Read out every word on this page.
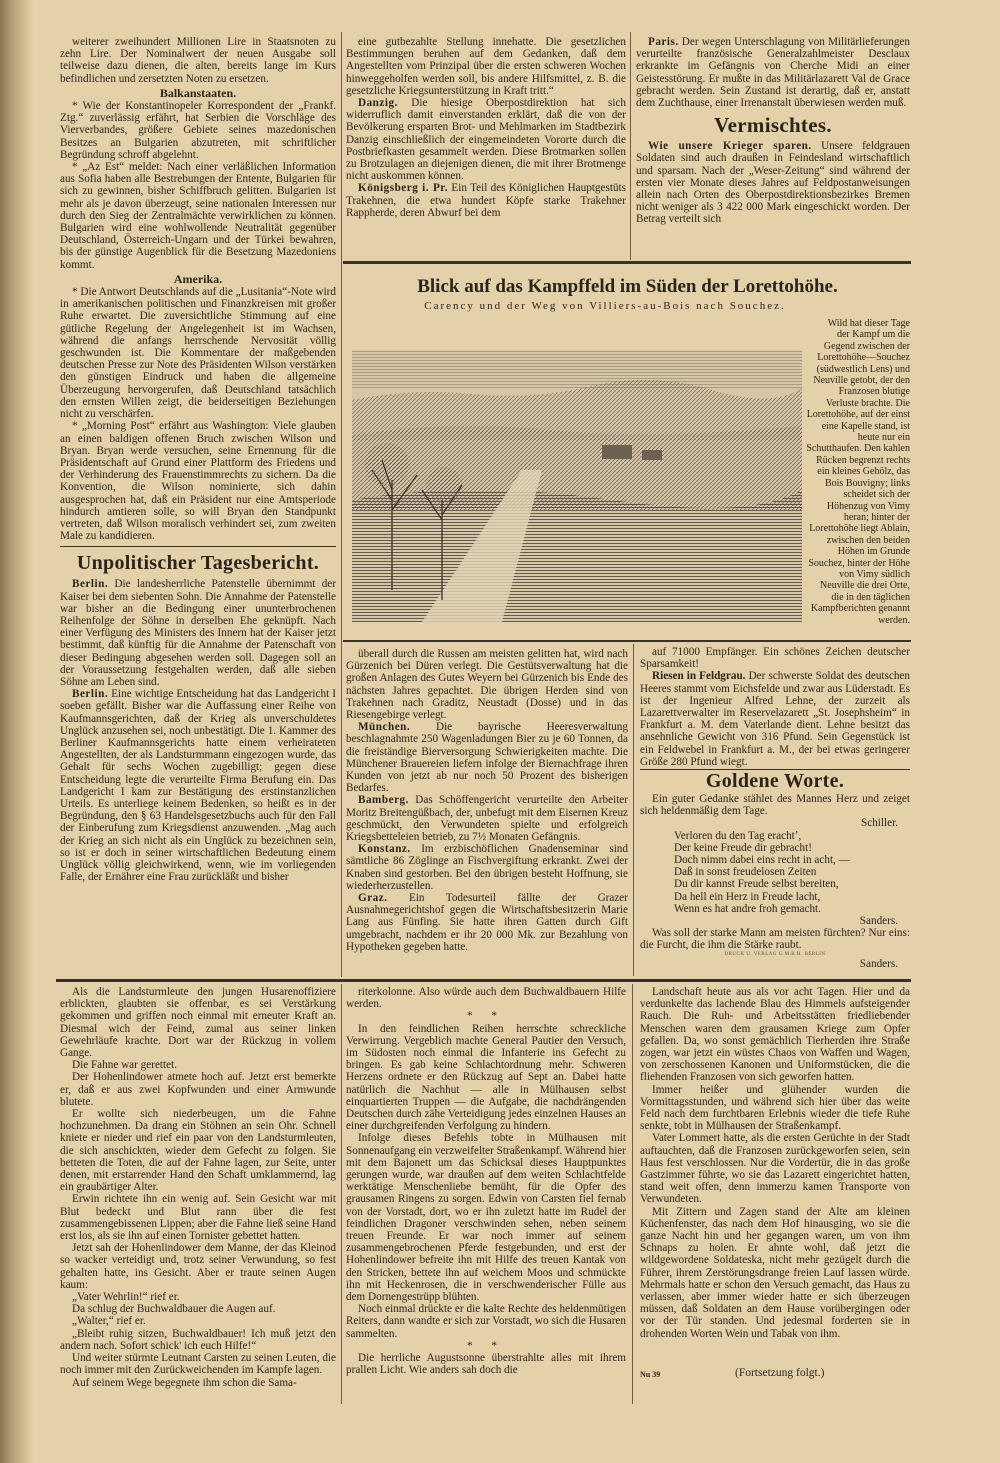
weiterer zweihundert Millionen Lire in Staatsnoten zu zehn Lire. Der Nominalwert der neuen Ausgabe soll teilweise dazu dienen, die alten, bereits lange im Kurs befindlichen und zersetzten Noten zu ersetzen.

Balkanstaaten.

* Wie der Konstantinopeler Korrespondent der „Frankf. Ztg.“ zuverlässig erfährt, hat Serbien die Vorschläge des Vierverbandes, größere Gebiete seines mazedonischen Besitzes an Bulgarien abzutreten, mit schriftlicher Begründung schroff abgelehnt.

* „Az Est“ meldet: Nach einer verläßlichen Information aus Sofia haben alle Bestrebungen der Entente, Bulgarien für sich zu gewinnen, bisher Schiffbruch gelitten. Bulgarien ist mehr als je davon überzeugt, seine nationalen Interessen nur durch den Sieg der Zentralmächte verwirklichen zu können. Bulgarien wird eine wohlwollende Neutralität gegenüber Deutschland, Österreich-Ungarn und der Türkei bewahren, bis der günstige Augenblick für die Besetzung Mazedoniens kommt.

Amerika.

* Die Antwort Deutschlands auf die „Lusitania“-Note wird in amerikanischen politischen und Finanzkreisen mit großer Ruhe erwartet. Die zuversichtliche Stimmung auf eine gütliche Regelung der Angelegenheit ist im Wachsen, während die anfangs herrschende Nervosität völlig geschwunden ist. Die Kommentare der maßgebenden deutschen Presse zur Note des Präsidenten Wilson verstärken den günstigen Eindruck und haben die allgemeine Überzeugung hervorgerufen, daß Deutschland tatsächlich den ernsten Willen zeigt, die beiderseitigen Beziehungen nicht zu verschärfen.

* „Morning Post“ erfährt aus Washington: Viele glauben an einen baldigen offenen Bruch zwischen Wilson und Bryan. Bryan werde versuchen, seine Ernennung für die Präsidentschaft auf Grund einer Plattform des Friedens und der Verhinderung des Frauenstimmrechts zu sichern. Da die Konvention, die Wilson nominierte, sich dahin ausgesprochen hat, daß ein Präsident nur eine Amtsperiode hindurch amtieren solle, so will Bryan den Standpunkt vertreten, daß Wilson moralisch verhindert sei, zum zweiten Male zu kandidieren.

Unpolitischer Tagesbericht.

Berlin. Die landesherrliche Patenstelle übernimmt der Kaiser bei dem siebenten Sohn. Die Annahme der Patenstelle war bisher an die Bedingung einer ununterbrochenen Reihenfolge der Söhne in derselben Ehe geknüpft. Nach einer Verfügung des Ministers des Innern hat der Kaiser jetzt bestimmt, daß künftig für die Annahme der Patenschaft von dieser Bedingung abgesehen werden soll. Dagegen soll an der Voraussetzung festgehalten werden, daß alle sieben Söhne am Leben sind.

Berlin. Eine wichtige Entscheidung hat das Landgericht I soeben gefällt. Bisher war die Auffassung einer Reihe von Kaufmannsgerichten, daß der Krieg als unverschuldetes Unglück anzusehen sei, noch unbestätigt. Die 1. Kammer des Berliner Kaufmannsgerichts hatte einem verheirateten Angestellten, der als Landsturmmann eingezogen wurde, das Gehalt für sechs Wochen zugebilligt; gegen diese Entscheidung legte die verurteilte Firma Berufung ein. Das Landgericht I kam zur Bestätigung des erstinstanzlichen Urteils. Es unterliege keinem Bedenken, so heißt es in der Begründung, den § 63 Handelsgesetzbuchs auch für den Fall der Einberufung zum Kriegsdienst anzuwenden. „Mag auch der Krieg an sich nicht als ein Unglück zu bezeichnen sein, so ist er doch in seiner wirtschaftlichen Bedeutung einem Unglück völlig gleichwirkend, wenn, wie im vorliegenden Falle, der Ernährer eine Frau zurückläßt und bisher

eine gutbezahlte Stellung innehatte. Die gesetzlichen Bestimmungen beruhen auf dem Gedanken, daß dem Angestellten vom Prinzipal über die ersten schweren Wochen hinweggeholfen werden soll, bis andere Hilfsmittel, z. B. die gesetzliche Kriegsunterstützung in Kraft tritt.“

Danzig. Die hiesige Oberpostdirektion hat sich widerruflich damit einverstanden erklärt, daß die von der Bevölkerung ersparten Brot- und Mehlmarken im Stadtbezirk Danzig einschließlich der eingemeindeten Vororte durch die Postbriefkasten gesammelt werden. Diese Brotmarken sollen zu Brotzulagen an diejenigen dienen, die mit ihrer Brotmenge nicht auskommen können.

Königsberg i. Pr. Ein Teil des Königlichen Hauptgestüts Trakehnen, die etwa hundert Köpfe starke Trakehner Rappherde, deren Abwurf bei dem

Paris. Der wegen Unterschlagung von Militärlieferungen verurteilte französische Generalzahlmeister Desclaux erkrankte im Gefängnis von Cherche Midi an einer Geistesstörung. Er mußte in das Militärlazarett Val de Grace gebracht werden. Sein Zustand ist derartig, daß er, anstatt dem Zuchthause, einer Irrenanstalt überwiesen werden muß.

Vermischtes.

Wie unsere Krieger sparen. Unsere feldgrauen Soldaten sind auch draußen in Feindesland wirtschaftlich und sparsam. Nach der „Weser-Zeitung“ sind während der ersten vier Monate dieses Jahres auf Feldpostanweisungen allein nach Orten des Oberpostdirektionsbezirkes Bremen nicht weniger als 3 422 000 Mark eingeschickt worden. Der Betrag verteilt sich

Blick auf das Kampffeld im Süden der Lorettohöhe.
Carency und der Weg von Villiers-au-Bois nach Souchez.

Wild hat dieser Tage der Kampf um die Gegend zwischen der Lorettohöhe—Souchez (südwestlich Lens) und Neuville getobt, der den Franzosen blutige Verluste brachte. Die Lorettohöhe, auf der einst eine Kapelle stand, ist heute nur ein Schutthaufen. Den kahlen Rücken begrenzt rechts ein kleines Gehölz, das Bois Bouvigny; links scheidet sich der Höhenzug von Vimy heran; hinter der Lorettohöhe liegt Ablain, zwischen den beiden Höhen im Grunde Souchez, hinter der Höhe von Vimy südlich Neuville die drei Orte, die in den täglichen Kampfberichten genannt werden.

überall durch die Russen am meisten gelitten hat, wird nach Gürzenich bei Düren verlegt. Die Gestütsverwaltung hat die großen Anlagen des Gutes Weyern bei Gürzenich bis Ende des nächsten Jahres gepachtet. Die übrigen Herden sind von Trakehnen nach Graditz, Neustadt (Dosse) und in das Riesengebirge verlegt.

München. Die bayrische Heeresverwaltung beschlagnahmte 250 Wagenladungen Bier zu je 60 Tonnen, da die freiständige Bierversorgung Schwierigkeiten machte. Die Münchener Brauereien liefern infolge der Biernachfrage ihren Kunden von jetzt ab nur noch 50 Prozent des bisherigen Bedarfes.

Bamberg. Das Schöffengericht verurteilte den Arbeiter Moritz Breitengüßbach, der, unbefugt mit dem Eisernen Kreuz geschmückt, den Verwundeten spielte und erfolgreich Kriegsbetteleien betrieb, zu 7½ Monaten Gefängnis.

Konstanz. Im erzbischöflichen Gnadenseminar sind sämtliche 86 Zöglinge an Fischvergiftung erkrankt. Zwei der Knaben sind gestorben. Bei den übrigen besteht Hoffnung, sie wiederherzustellen.

Graz. Ein Todesurteil fällte der Grazer Ausnahmegerichtshof gegen die Wirtschaftsbesitzerin Marie Lang aus Fünfing. Sie hatte ihren Gatten durch Gift umgebracht, nachdem er ihr 20 000 Mk. zur Bezahlung von Hypotheken gegeben hatte.

auf 71000 Empfänger. Ein schönes Zeichen deutscher Sparsamkeit!

Riesen in Feldgrau. Der schwerste Soldat des deutschen Heeres stammt vom Eichsfelde und zwar aus Lüderstadt. Es ist der Ingenieur Alfred Lehne, der zurzeit als Lazarettverwalter im Reservelazarett „St. Josephsheim“ in Frankfurt a. M. dem Vaterlande dient. Lehne besitzt das ansehnliche Gewicht von 316 Pfund. Sein Gegenstück ist ein Feldwebel in Frankfurt a. M., der bei etwas geringerer Größe 280 Pfund wiegt.

Goldene Worte.

Ein guter Gedanke stählet des Mannes Herz und zeiget sich heldenmäßig dem Tage.

Schiller.

Verloren du den Tag erachtʼ,

Der keine Freude dir gebracht!

Doch nimm dabei eins recht in acht, —

Daß in sonst freudelosen Zeiten

Du dir kannst Freude selbst bereiten,

Da hell ein Herz in Freude lacht,

Wenn es hat andre froh gemacht.

Sanders.

Was soll der starke Mann am meisten fürchten? Nur eins: die Furcht, die ihm die Stärke raubt.

DRUCK U. VERLAG G.M.B.H. BERLIN

Sanders.

Als die Landsturmleute den jungen Husarenoffiziere erblickten, glaubten sie offenbar, es sei Verstärkung gekommen und griffen noch einmal mit erneuter Kraft an. Diesmal wich der Feind, zumal aus seiner linken Gewehrläufe krachte. Dort war der Rückzug in vollem Gange.

Die Fahne war gerettet.

Der Hohenlindower atmete hoch auf. Jetzt erst bemerkte er, daß er aus zwei Kopfwunden und einer Armwunde blutete.

Er wollte sich niederbeugen, um die Fahne hochzunehmen. Da drang ein Stöhnen an sein Ohr. Schnell kniete er nieder und rief ein paar von den Landsturmleuten, die sich anschickten, wieder dem Gefecht zu folgen. Sie betteten die Toten, die auf der Fahne lagen, zur Seite, unter denen, mit erstarrender Hand den Schaft umklammernd, lag ein graubärtiger Alter.

Erwin richtete ihn ein wenig auf. Sein Gesicht war mit Blut bedeckt und Blut rann über die fest zusammengebissenen Lippen; aber die Fahne ließ seine Hand erst los, als sie ihn auf einen Tornister gebettet hatten.

Jetzt sah der Hohenlindower dem Manne, der das Kleinod so wacker verteidigt und, trotz seiner Verwundung, so fest gehalten hatte, ins Gesicht. Aber er traute seinen Augen kaum:

„Vater Wehrlin!“ rief er.

Da schlug der Buchwaldbauer die Augen auf.

„Walter,“ rief er.

„Bleibt ruhig sitzen, Buchwaldbauer! Ich muß jetzt den andern nach. Sofort schick' ich euch Hilfe!“

Und weiter stürmte Leutnant Carsten zu seinen Leuten, die noch immer mit den Zurückweichenden im Kampfe lagen.

Auf seinem Wege begegnete ihm schon die Sama-

riterkolonne. Also würde auch dem Buchwaldbauern Hilfe werden.

* *

In den feindlichen Reihen herrschte schreckliche Verwirrung. Vergeblich machte General Pautier den Versuch, im Südosten noch einmal die Infanterie ins Gefecht zu bringen. Es gab keine Schlachtordnung mehr. Schweren Herzens ordnete er den Rückzug auf Sept an. Dabei hatte natürlich die Nachhut — alle in Mülhausen selbst einquartierten Truppen — die Aufgabe, die nachdrängenden Deutschen durch zähe Verteidigung jedes einzelnen Hauses an einer durchgreifenden Verfolgung zu hindern.

Infolge dieses Befehls tobte in Mülhausen mit Sonnenaufgang ein verzweifelter Straßenkampf. Während hier mit dem Bajonett um das Schicksal dieses Hauptpunktes gerungen wurde, war draußen auf dem weiten Schlachtfelde werktätige Menschenliebe bemüht, für die Opfer des grausamen Ringens zu sorgen. Edwin von Carsten fiel fernab von der Vorstadt, dort, wo er ihn zuletzt hatte im Rudel der feindlichen Dragoner verschwinden sehen, neben seinem treuen Freunde. Er war noch immer auf seinem zusammengebrochenen Pferde festgebunden, und erst der Hohenlindower befreite ihn mit Hilfe des treuen Kantak von den Stricken, bettete ihn auf weichem Moos und schmückte ihn mit Heckenrosen, die in verschwenderischer Fülle aus dem Dornengestrüpp blühten.

Noch einmal drückte er die kalte Rechte des heldenmütigen Reiters, dann wandte er sich zur Vorstadt, wo sich die Husaren sammelten.

* *

Die herrliche Augustsonne überstrahlte alles mit ihrem prallen Licht. Wie anders sah doch die

Landschaft heute aus als vor acht Tagen. Hier und da verdunkelte das lachende Blau des Himmels aufsteigender Rauch. Die Ruh- und Arbeitsstätten friedliebender Menschen waren dem grausamen Kriege zum Opfer gefallen. Da, wo sonst gemächlich Tierherden ihre Straße zogen, war jetzt ein wüstes Chaos von Waffen und Wagen, von zerschossenen Kanonen und Uniformstücken, die die fliehenden Franzosen von sich geworfen hatten.

Immer heißer und glühender wurden die Vormittagsstunden, und während sich hier über das weite Feld nach dem furchtbaren Erlebnis wieder die tiefe Ruhe senkte, tobt in Mülhausen der Straßenkampf.

Vater Lommert hatte, als die ersten Gerüchte in der Stadt auftauchten, daß die Franzosen zurückgeworfen seien, sein Haus fest verschlossen. Nur die Vordertür, die in das große Gastzimmer führte, wo sie das Lazarett eingerichtet hatten, stand weit offen, denn immerzu kamen Transporte von Verwundeten.

Mit Zittern und Zagen stand der Alte am kleinen Küchenfenster, das nach dem Hof hinausging, wo sie die ganze Nacht hin und her gegangen waren, um von ihm Schnaps zu holen. Er ahnte wohl, daß jetzt die wildgewordene Soldateska, nicht mehr gezügelt durch die Führer, ihrem Zerstörungsdrange freien Lauf lassen würde. Mehrmals hatte er schon den Versuch gemacht, das Haus zu verlassen, aber immer wieder hatte er sich überzeugen müssen, daß Soldaten an dem Hause vorübergingen oder vor der Tür standen. Und jedesmal forderten sie in drohenden Worten Wein und Tabak von ihm.

Nu 39	(Fortsetzung folgt.)
